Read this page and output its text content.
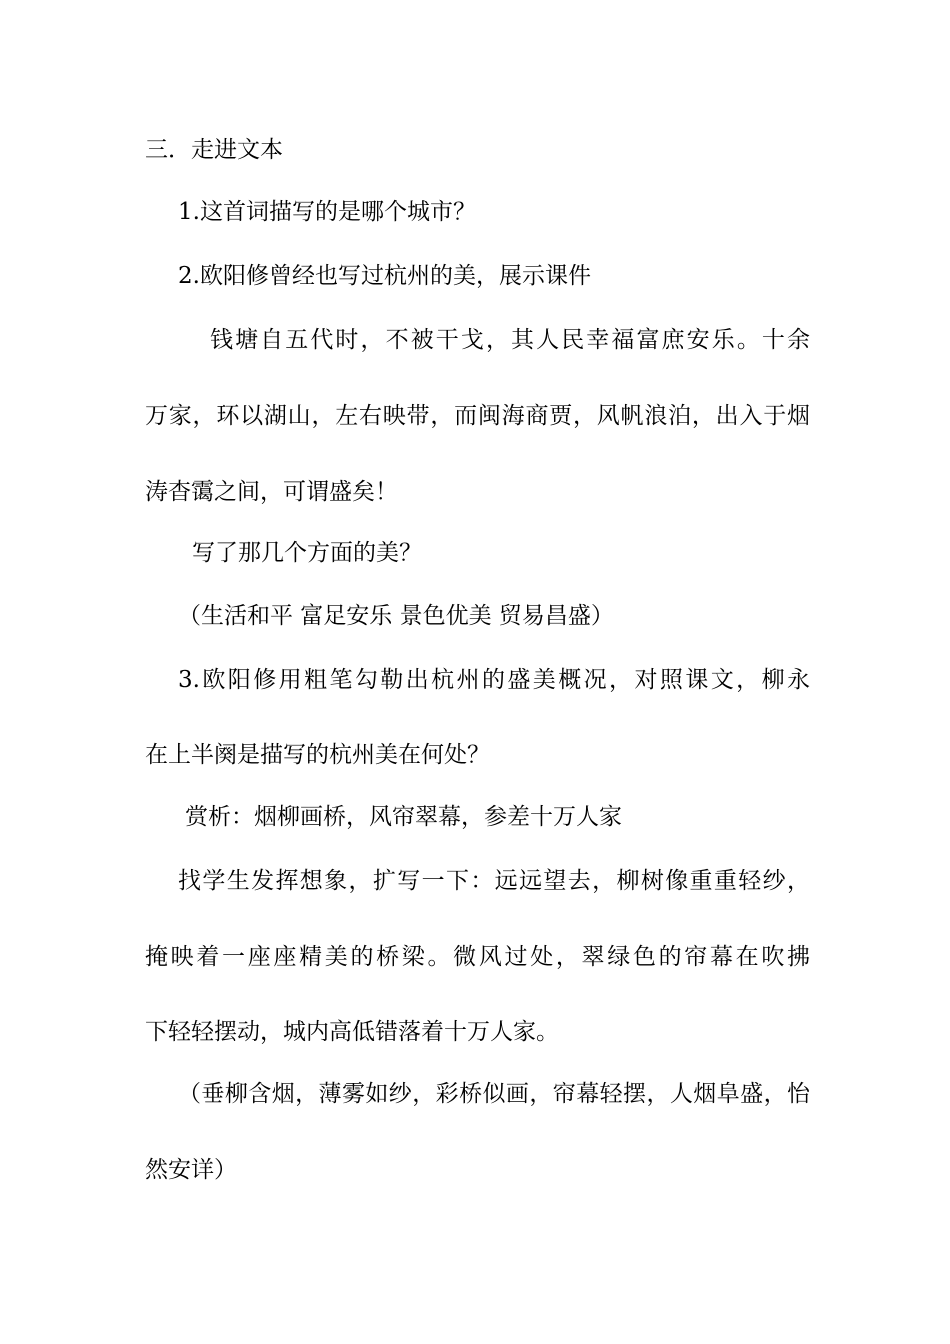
三．走进文本
1.这首词描写的是哪个城市？
2.欧阳修曾经也写过杭州的美，展示课件
钱塘自五代时，不被干戈，其人民幸福富庶安乐。十余
万家，环以湖山，左右映带，而闽海商贾，风帆浪泊，出入于烟
涛杳霭之间，可谓盛矣！
写了那几个方面的美？
（生活和平 富足安乐 景色优美 贸易昌盛）
3.欧阳修用粗笔勾勒出杭州的盛美概况，对照课文，柳永
在上半阕是描写的杭州美在何处？
赏析：烟柳画桥，风帘翠幕，参差十万人家
找学生发挥想象，扩写一下：远远望去，柳树像重重轻纱，
掩映着一座座精美的桥梁。微风过处，翠绿色的帘幕在吹拂
下轻轻摆动，城内高低错落着十万人家。
（垂柳含烟，薄雾如纱，彩桥似画，帘幕轻摆，人烟阜盛，怡
然安详）
